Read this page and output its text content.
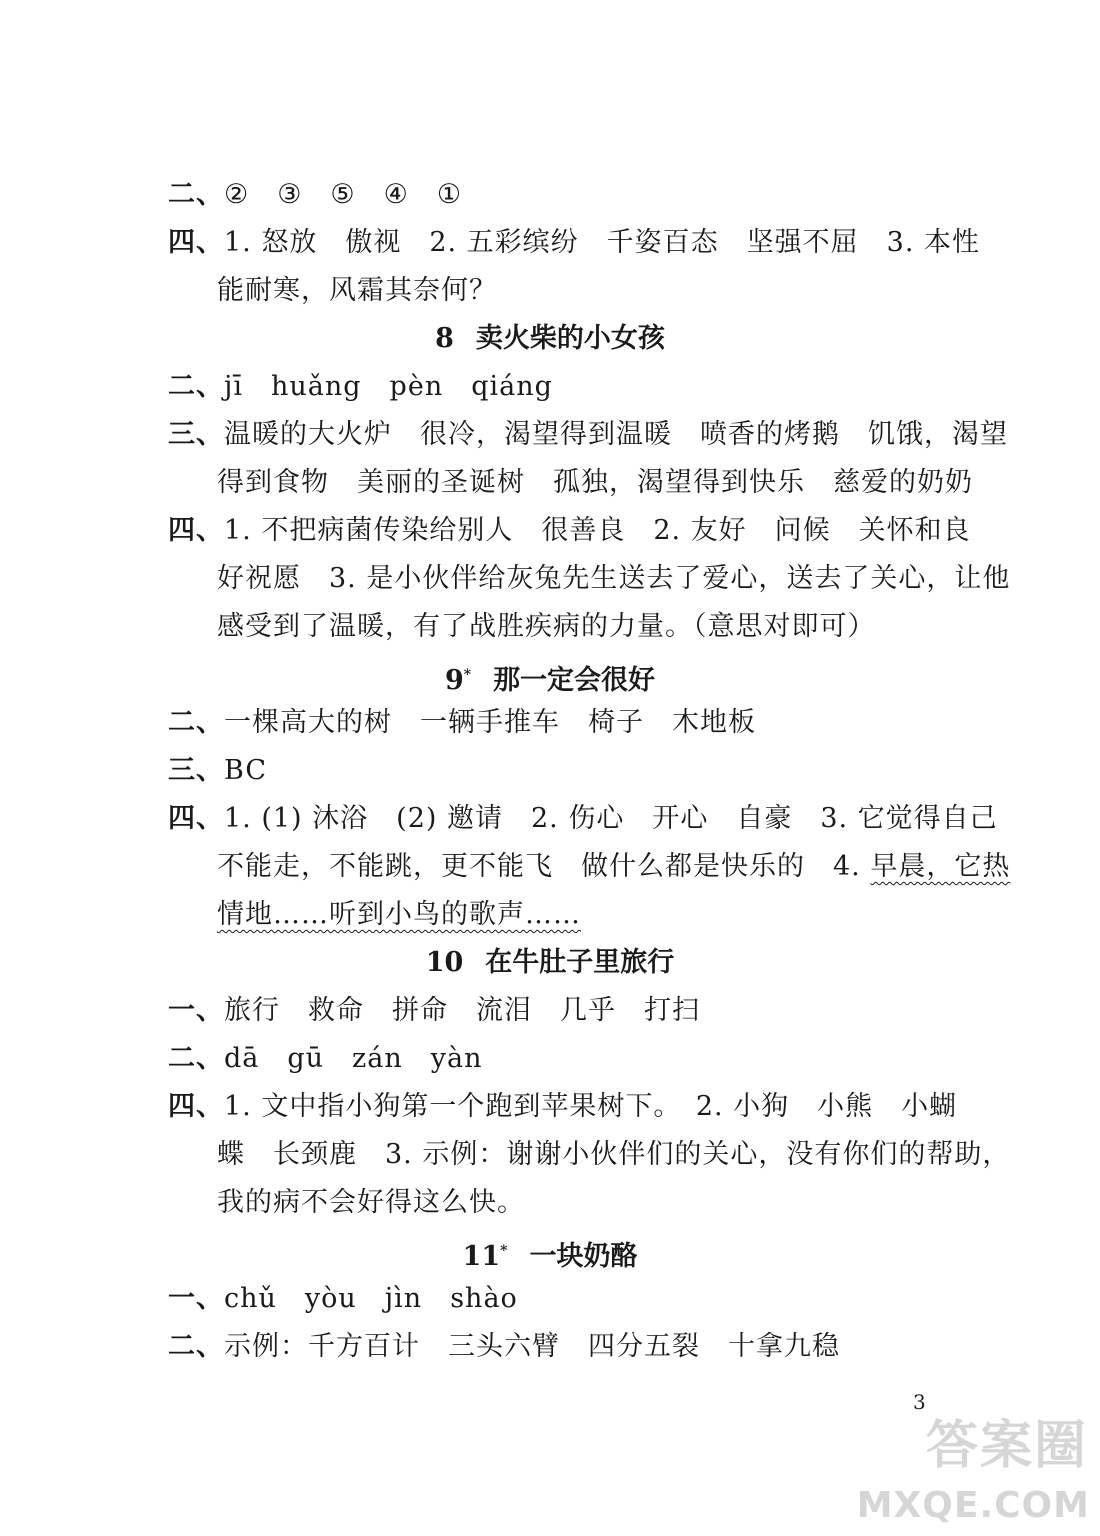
二、②　③　⑤　④　①
四、1. 怒放　傲视　2. 五彩缤纷　千姿百态　坚强不屈　3. 本性
能耐寒，风霜其奈何？
8 卖火柴的小女孩
二、jī　huǎng　pèn　qiáng
三、温暖的大火炉　很冷，渴望得到温暖　喷香的烤鹅　饥饿，渴望
得到食物　美丽的圣诞树　孤独，渴望得到快乐　慈爱的奶奶
四、1. 不把病菌传染给别人　很善良　2. 友好　问候　关怀和良
好祝愿　3. 是小伙伴给灰兔先生送去了爱心，送去了关心，让他
感受到了温暖，有了战胜疾病的力量。（意思对即可）
9* 那一定会很好
二、一棵高大的树　一辆手推车　椅子　木地板
三、BC
四、1. (1) 沐浴　(2) 邀请　2. 伤心　开心　自豪　3. 它觉得自己
不能走，不能跳，更不能飞　做什么都是快乐的　4. 早晨，它热
情地……听到小鸟的歌声……
10 在牛肚子里旅行
一、旅行　救命　拼命　流泪　几乎　打扫
二、dā　gū　zán　yàn
四、1. 文中指小狗第一个跑到苹果树下。　2. 小狗　小熊　小蝴
蝶　长颈鹿　3. 示例：谢谢小伙伴们的关心，没有你们的帮助，
我的病不会好得这么快。
11* 一块奶酪
一、chǔ　yòu　jìn　shào
二、示例：千方百计　三头六臂　四分五裂　十拿九稳
3
答案圈
MXQE.COM
